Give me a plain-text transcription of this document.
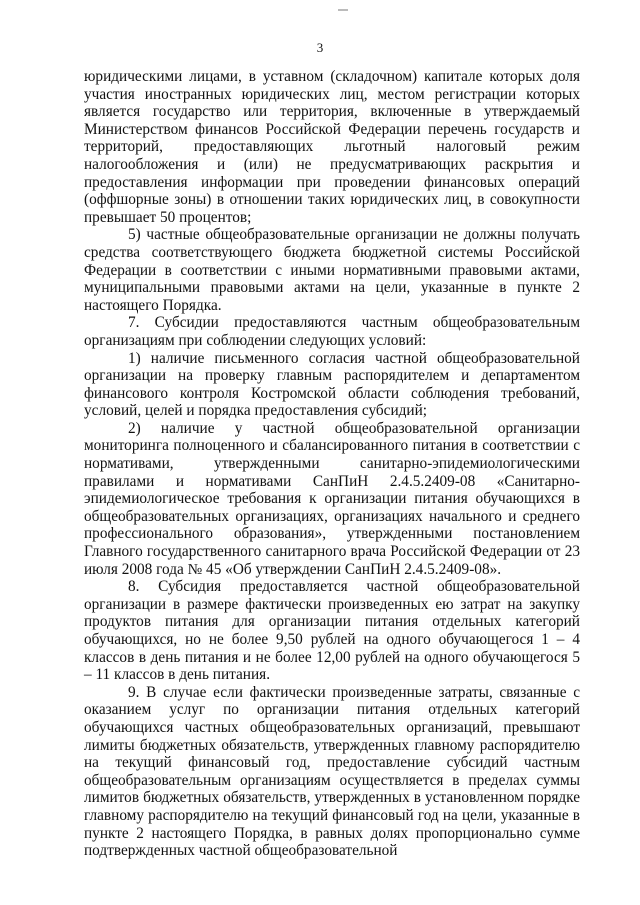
3

юридическими лицами, в уставном (складочном) капитале которых доля участия иностранных юридических лиц, местом регистрации которых является государство или территория, включенные в утверждаемый Министерством финансов Российской Федерации перечень государств и территорий, предоставляющих льготный налоговый режим налогообложения и (или) не предусматривающих раскрытия и предоставления информации при проведении финансовых операций (оффшорные зоны) в отношении таких юридических лиц, в совокупности превышает 50 процентов;

5) частные общеобразовательные организации не должны получать средства соответствующего бюджета бюджетной системы Российской Федерации в соответствии с иными нормативными правовыми актами, муниципальными правовыми актами на цели, указанные в пункте 2 настоящего Порядка.

7. Субсидии предоставляются частным общеобразовательным организациям при соблюдении следующих условий:

1) наличие письменного согласия частной общеобразовательной организации на проверку главным распорядителем и департаментом финансового контроля Костромской области соблюдения требований, условий, целей и порядка предоставления субсидий;

2) наличие у частной общеобразовательной организации мониторинга полноценного и сбалансированного питания в соответствии с нормативами, утвержденными санитарно-эпидемиологическими правилами и нормативами СанПиН 2.4.5.2409-08 «Санитарно-эпидемиологическое требования к организации питания обучающихся в общеобразовательных организациях, организациях начального и среднего профессионального образования», утвержденными постановлением Главного государственного санитарного врача Российской Федерации от 23 июля 2008 года № 45 «Об утверждении СанПиН 2.4.5.2409-08».

8. Субсидия предоставляется частной общеобразовательной организации в размере фактически произведенных ею затрат на закупку продуктов питания для организации питания отдельных категорий обучающихся, но не более 9,50 рублей на одного обучающегося 1 – 4 классов в день питания и не более 12,00 рублей на одного обучающегося 5 – 11 классов в день питания.

9. В случае если фактически произведенные затраты, связанные с оказанием услуг по организации питания отдельных категорий обучающихся частных общеобразовательных организаций, превышают лимиты бюджетных обязательств, утвержденных главному распорядителю на текущий финансовый год, предоставление субсидий частным общеобразовательным организациям осуществляется в пределах суммы лимитов бюджетных обязательств, утвержденных в установленном порядке главному распорядителю на текущий финансовый год на цели, указанные в пункте 2 настоящего Порядка, в равных долях пропорционально сумме подтвержденных частной общеобразовательной
